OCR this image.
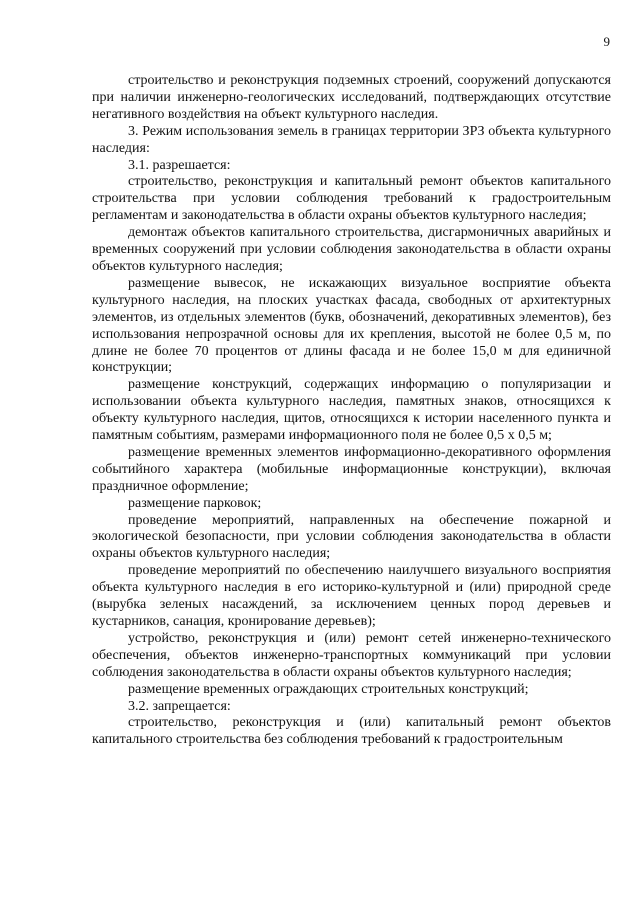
9

строительство и реконструкция подземных строений, сооружений допускаются при наличии инженерно-геологических исследований, подтверждающих отсутствие негативного воздействия на объект культурного наследия.

3. Режим использования земель в границах территории ЗРЗ объекта культурного наследия:

3.1. разрешается:

строительство, реконструкция и капитальный ремонт объектов капитального строительства при условии соблюдения требований к градостроительным регламентам и законодательства в области охраны объектов культурного наследия;

демонтаж объектов капитального строительства, дисгармоничных аварийных и временных сооружений при условии соблюдения законодательства в области охраны объектов культурного наследия;

размещение вывесок, не искажающих визуальное восприятие объекта культурного наследия, на плоских участках фасада, свободных от архитектурных элементов, из отдельных элементов (букв, обозначений, декоративных элементов), без использования непрозрачной основы для их крепления, высотой не более 0,5 м, по длине не более 70 процентов от длины фасада и не более 15,0 м для единичной конструкции;

размещение конструкций, содержащих информацию о популяризации и использовании объекта культурного наследия, памятных знаков, относящихся к объекту культурного наследия, щитов, относящихся к истории населенного пункта и памятным событиям, размерами информационного поля не более 0,5 х 0,5 м;

размещение временных элементов информационно-декоративного оформления событийного характера (мобильные информационные конструкции), включая праздничное оформление;

размещение парковок;

проведение мероприятий, направленных на обеспечение пожарной и экологической безопасности, при условии соблюдения законодательства в области охраны объектов культурного наследия;

проведение мероприятий по обеспечению наилучшего визуального восприятия объекта культурного наследия в его историко-культурной и (или) природной среде (вырубка зеленых насаждений, за исключением ценных пород деревьев и кустарников, санация, кронирование деревьев);

устройство, реконструкция и (или) ремонт сетей инженерно-технического обеспечения, объектов инженерно-транспортных коммуникаций при условии соблюдения законодательства в области охраны объектов культурного наследия;

размещение временных ограждающих строительных конструкций;

3.2. запрещается:

строительство, реконструкция и (или) капитальный ремонт объектов капитального строительства без соблюдения требований к градостроительным
